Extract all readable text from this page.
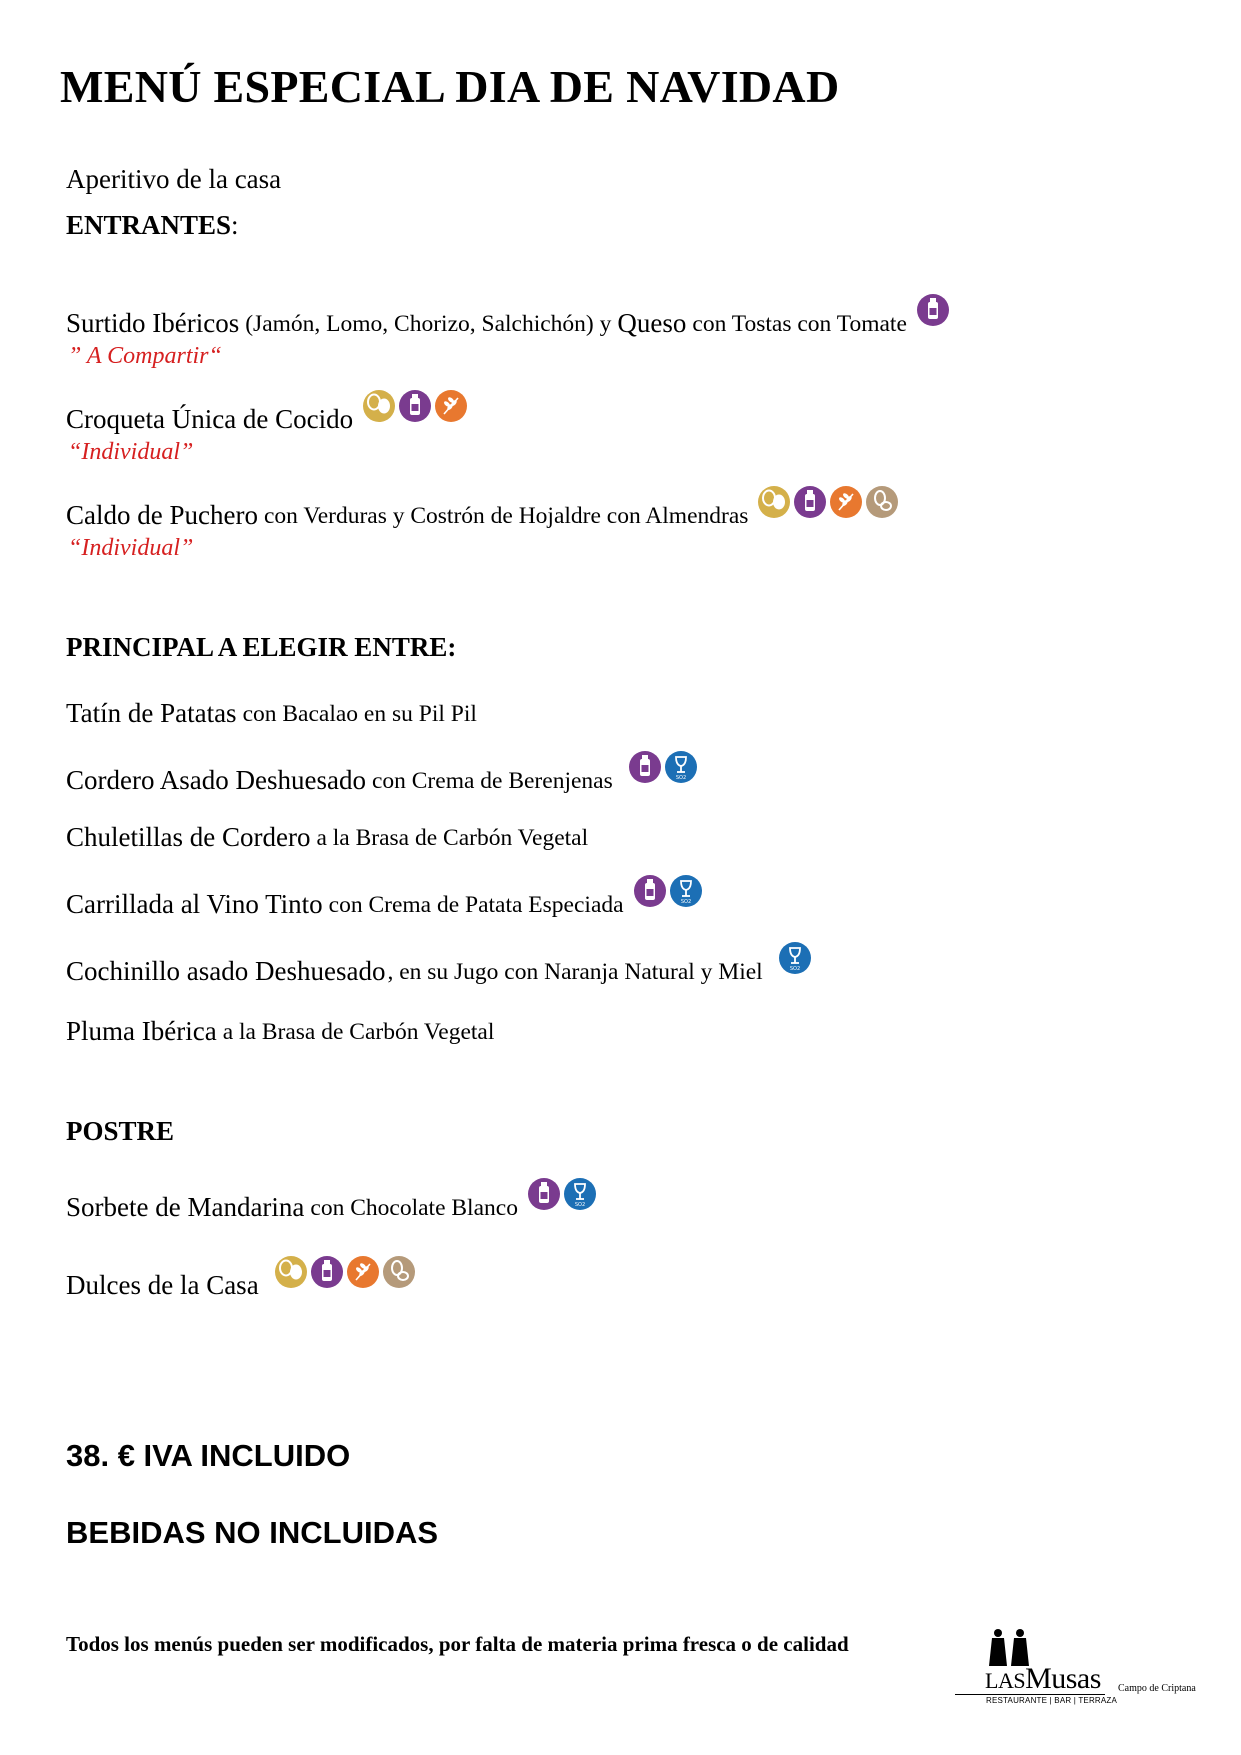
MENÚ ESPECIAL DIA DE NAVIDAD
Aperitivo de la casa
ENTRANTES:
Surtido Ibéricos (Jamón, Lomo, Chorizo, Salchichón) y Queso con Tostas con Tomate
” A Compartir“
Croqueta Única de Cocido
“Individual”
Caldo de Puchero con Verduras y Costrón de Hojaldre con Almendras
“Individual”
PRINCIPAL A ELEGIR ENTRE:
Tatín de Patatas con Bacalao en su Pil Pil
Cordero Asado Deshuesado con Crema de Berenjenas	SO2
Chuletillas de Cordero a la Brasa de Carbón Vegetal
Carrillada al Vino Tinto con Crema de Patata Especiada	SO2
Cochinillo asado Deshuesado , en su Jugo con Naranja Natural y Miel	SO2
Pluma Ibérica a la Brasa de Carbón Vegetal
POSTRE
Sorbete de Mandarina con Chocolate Blanco	SO2
Dulces de la Casa
38. € IVA INCLUIDO
BEBIDAS NO INCLUIDAS
Todos los menús pueden ser modificados, por falta de materia prima fresca o de calidad
LASMusas Campo de Criptana
RESTAURANTE | BAR | TERRAZA
